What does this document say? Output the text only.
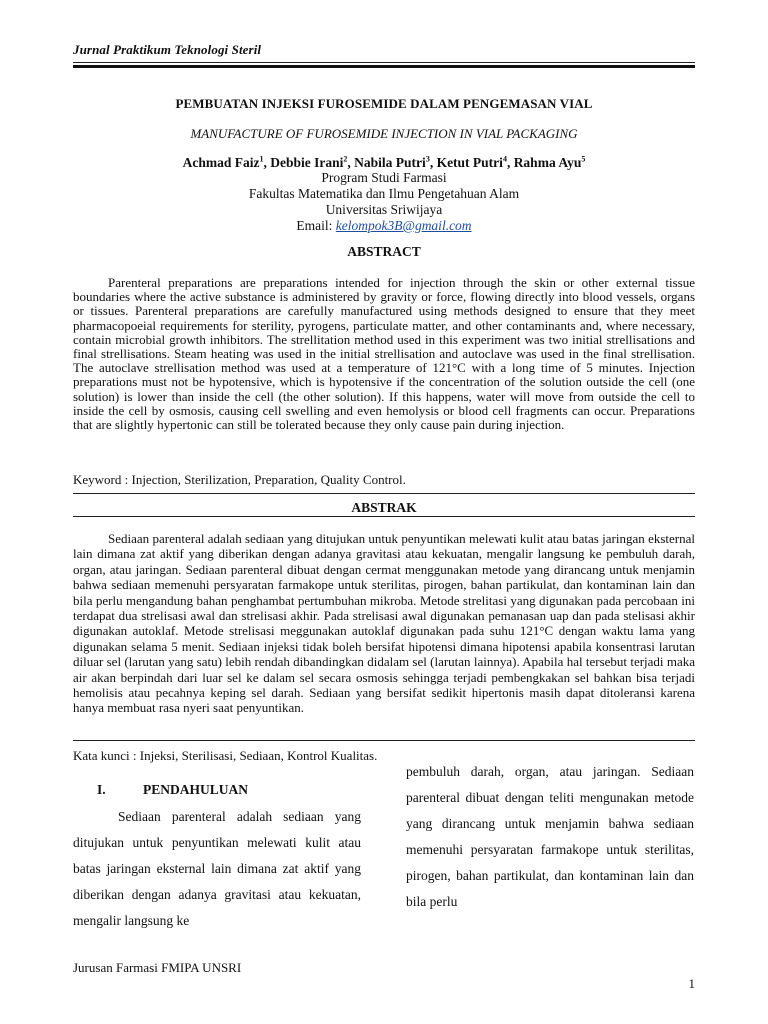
Jurnal Praktikum Teknologi Steril
PEMBUATAN INJEKSI FUROSEMIDE DALAM PENGEMASAN VIAL
MANUFACTURE OF FUROSEMIDE INJECTION IN VIAL PACKAGING
Achmad Faiz$^1$, Debbie Irani$^2$, Nabila Putri$^3$, Ketut Putri$^4$, Rahma Ayu$^5$
Program Studi Farmasi
Fakultas Matematika dan Ilmu Pengetahuan Alam
Universitas Sriwijaya
Email: kelompok3B@gmail.com
ABSTRACT
Parenteral preparations are preparations intended for injection through the skin or other external tissue boundaries where the active substance is administered by gravity or force, flowing directly into blood vessels, organs or tissues. Parenteral preparations are carefully manufactured using methods designed to ensure that they meet pharmacopoeial requirements for sterility, pyrogens, particulate matter, and other contaminants and, where necessary, contain microbial growth inhibitors. The strellitation method used in this experiment was two initial strellisations and final strellisations. Steam heating was used in the initial strellisation and autoclave was used in the final strellisation. The autoclave strellisation method was used at a temperature of 121°C with a long time of 5 minutes. Injection preparations must not be hypotensive, which is hypotensive if the concentration of the solution outside the cell (one solution) is lower than inside the cell (the other solution). If this happens, water will move from outside the cell to inside the cell by osmosis, causing cell swelling and even hemolysis or blood cell fragments can occur. Preparations that are slightly hypertonic can still be tolerated because they only cause pain during injection.
Keyword : Injection, Sterilization, Preparation, Quality Control.
ABSTRAK
Sediaan parenteral adalah sediaan yang ditujukan untuk penyuntikan melewati kulit atau batas jaringan eksternal lain dimana zat aktif yang diberikan dengan adanya gravitasi atau kekuatan, mengalir langsung ke pembuluh darah, organ, atau jaringan. Sediaan parenteral dibuat dengan cermat menggunakan metode yang dirancang untuk menjamin bahwa sediaan memenuhi persyaratan farmakope untuk sterilitas, pirogen, bahan partikulat, dan kontaminan lain dan bila perlu mengandung bahan penghambat pertumbuhan mikroba. Metode strelitasi yang digunakan pada percobaan ini terdapat dua strelisasi awal dan strelisasi akhir. Pada strelisasi awal digunakan pemanasan uap dan pada stelisasi akhir digunakan autoklaf. Metode strelisasi meggunakan autoklaf digunakan pada suhu 121°C dengan waktu lama yang digunakan selama 5 menit. Sediaan injeksi tidak boleh bersifat hipotensi dimana hipotensi apabila konsentrasi larutan diluar sel (larutan yang satu) lebih rendah dibandingkan didalam sel (larutan lainnya). Apabila hal tersebut terjadi maka air akan berpindah dari luar sel ke dalam sel secara osmosis sehingga terjadi pembengkakan sel bahkan bisa terjadi hemolisis atau pecahnya keping sel darah. Sediaan yang bersifat sedikit hipertonis masih dapat ditoleransi karena hanya membuat rasa nyeri saat penyuntikan.
Kata kunci : Injeksi, Sterilisasi, Sediaan, Kontrol Kualitas.
I.	PENDAHULUAN

Sediaan parenteral adalah sediaan yang ditujukan untuk penyuntikan melewati kulit atau batas jaringan eksternal lain dimana zat aktif yang diberikan dengan adanya gravitasi atau kekuatan, mengalir langsung ke

pembuluh darah, organ, atau jaringan. Sediaan parenteral dibuat dengan teliti mengunakan metode yang dirancang untuk menjamin bahwa sediaan memenuhi persyaratan farmakope untuk sterilitas, pirogen, bahan partikulat, dan kontaminan lain dan bila perlu

Jurusan Farmasi FMIPA UNSRI
1
